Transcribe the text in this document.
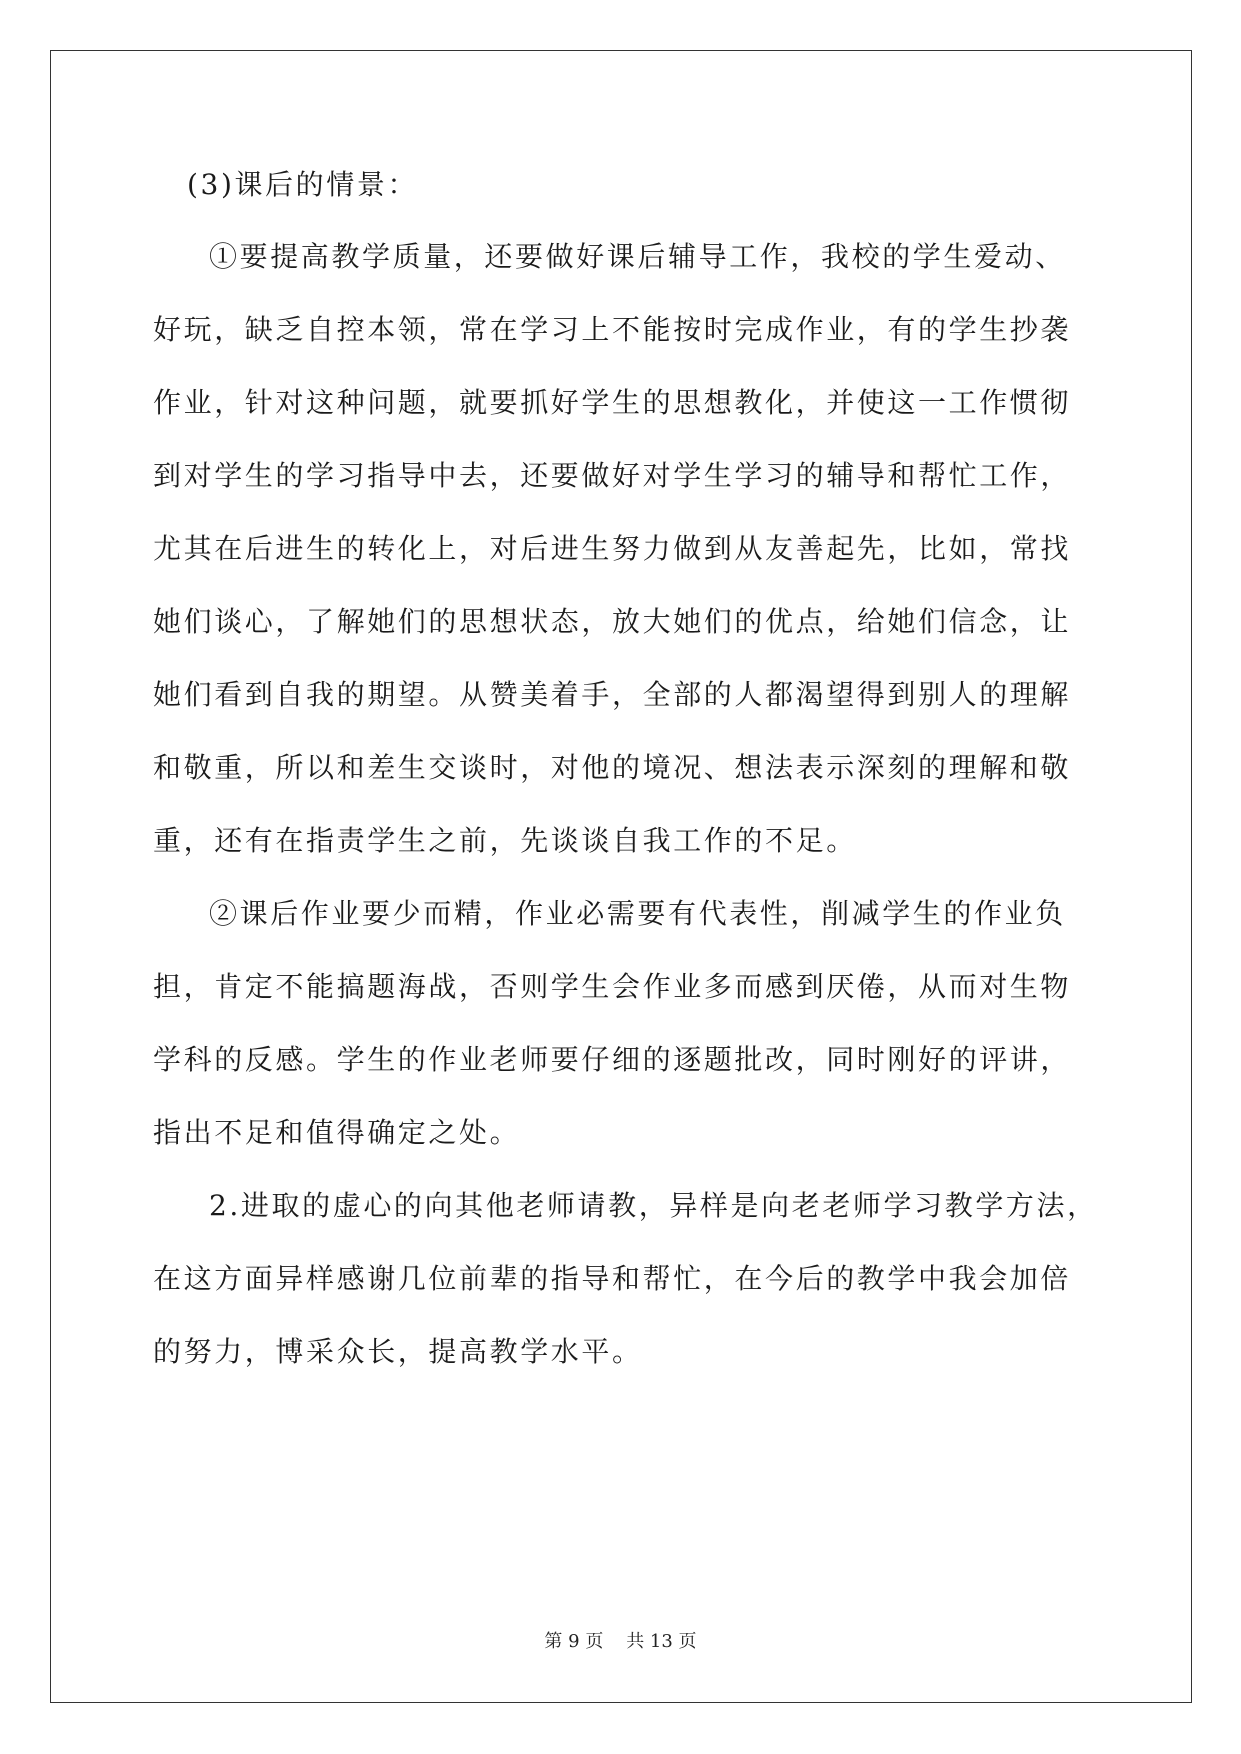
(3)课后的情景：
①要提高教学质量，还要做好课后辅导工作，我校的学生爱动、
好玩，缺乏自控本领，常在学习上不能按时完成作业，有的学生抄袭
作业，针对这种问题，就要抓好学生的思想教化，并使这一工作惯彻
到对学生的学习指导中去，还要做好对学生学习的辅导和帮忙工作，
尤其在后进生的转化上，对后进生努力做到从友善起先，比如，常找
她们谈心，了解她们的思想状态，放大她们的优点，给她们信念，让
她们看到自我的期望。从赞美着手，全部的人都渴望得到别人的理解
和敬重，所以和差生交谈时，对他的境况、想法表示深刻的理解和敬
重，还有在指责学生之前，先谈谈自我工作的不足。
②课后作业要少而精，作业必需要有代表性，削减学生的作业负
担，肯定不能搞题海战，否则学生会作业多而感到厌倦，从而对生物
学科的反感。学生的作业老师要仔细的逐题批改，同时刚好的评讲，
指出不足和值得确定之处。
2.进取的虚心的向其他老师请教，异样是向老老师学习教学方法，
在这方面异样感谢几位前辈的指导和帮忙，在今后的教学中我会加倍
的努力，博采众长，提高教学水平。
第 9 页    共 13 页
